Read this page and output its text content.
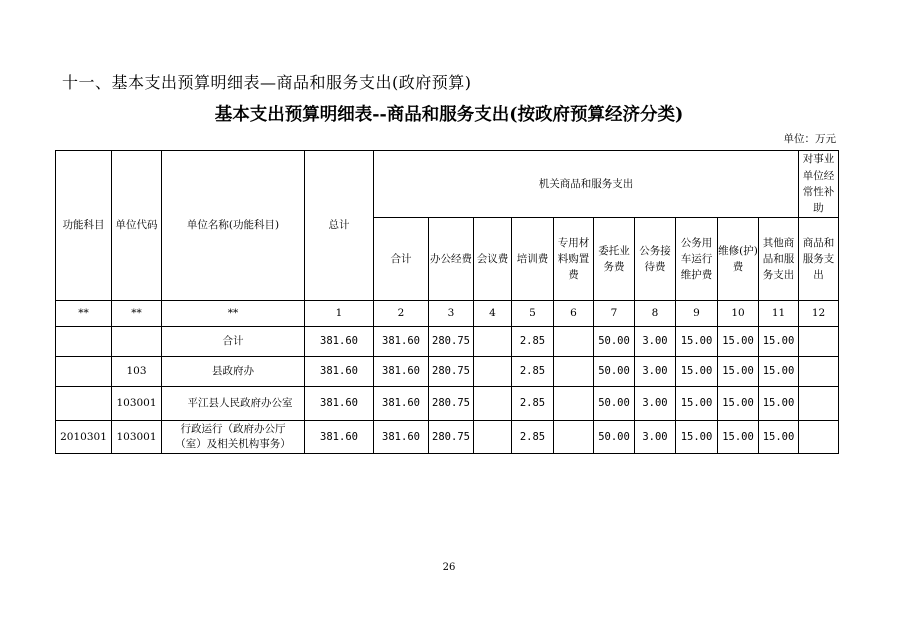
十一、基本支出预算明细表—商品和服务支出(政府预算)
基本支出预算明细表--商品和服务支出(按政府预算经济分类)
单位：万元
功能科目	单位代码	单位名称(功能科目)	总计	机关商品和服务支出										对事业单位经常性补助
				合计	办公经费	会议费	培训费	专用材料购置费	委托业务费	公务接待费	公务用车运行维护费	维修(护)费	其他商品和服务支出	商品和服务支出
**	**	**	1	2	3	4	5	6	7	8	9	10	11	12
		合计	381.60	381.60	280.75		2.85		50.00	3.00	15.00	15.00	15.00	
	103	县政府办	381.60	381.60	280.75		2.85		50.00	3.00	15.00	15.00	15.00	
	103001	平江县人民政府办公室	381.60	381.60	280.75		2.85		50.00	3.00	15.00	15.00	15.00	
2010301	103001	行政运行（政府办公厅（室）及相关机构事务）	381.60	381.60	280.75		2.85		50.00	3.00	15.00	15.00	15.00	
26
